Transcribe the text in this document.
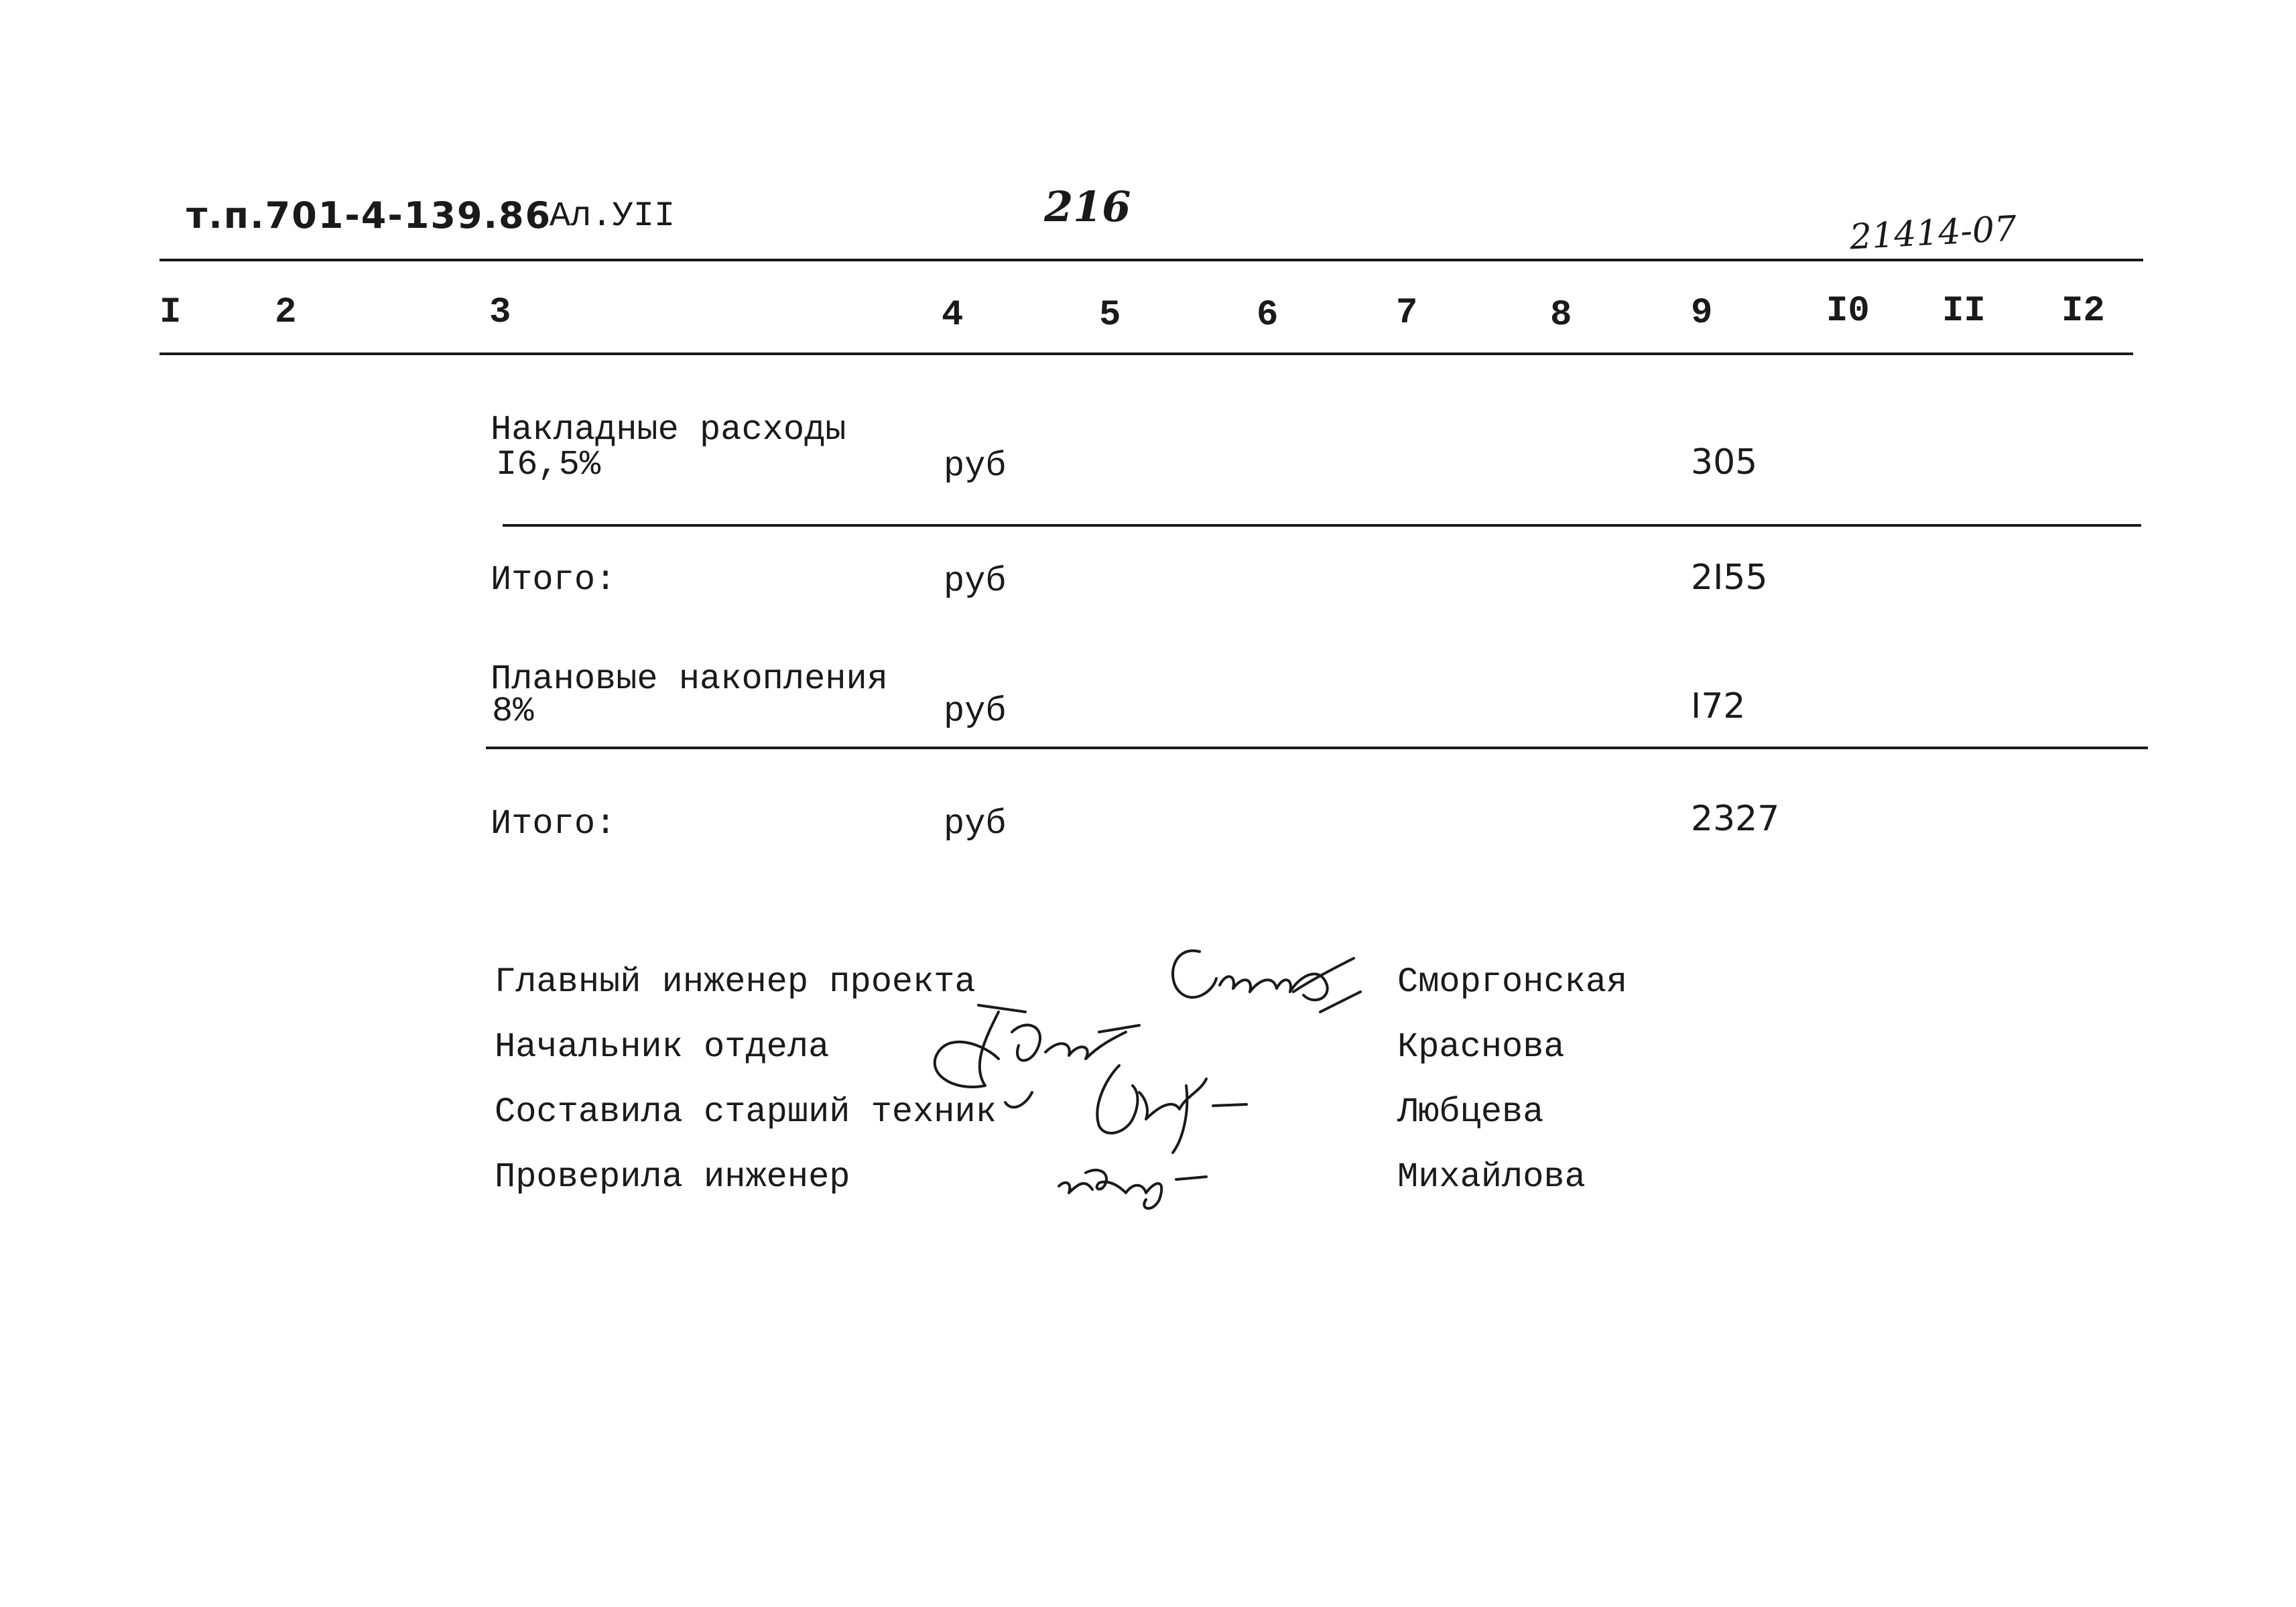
т.п.701-4-139.86
Ал.УII	216
21414-07
I	2	3	4	5	6	7	8	9	I0 II I2
Накладные расходы
I6,5%	руб	305
Итого:	руб	2I55
Плановые накопления
8%	руб	I72
Итого:	руб	2327
Главный инженер проекта	Сморгонская
Начальник отдела	Краснова
Составила старший техник	Любцева
Проверила инженер	Михайлова
